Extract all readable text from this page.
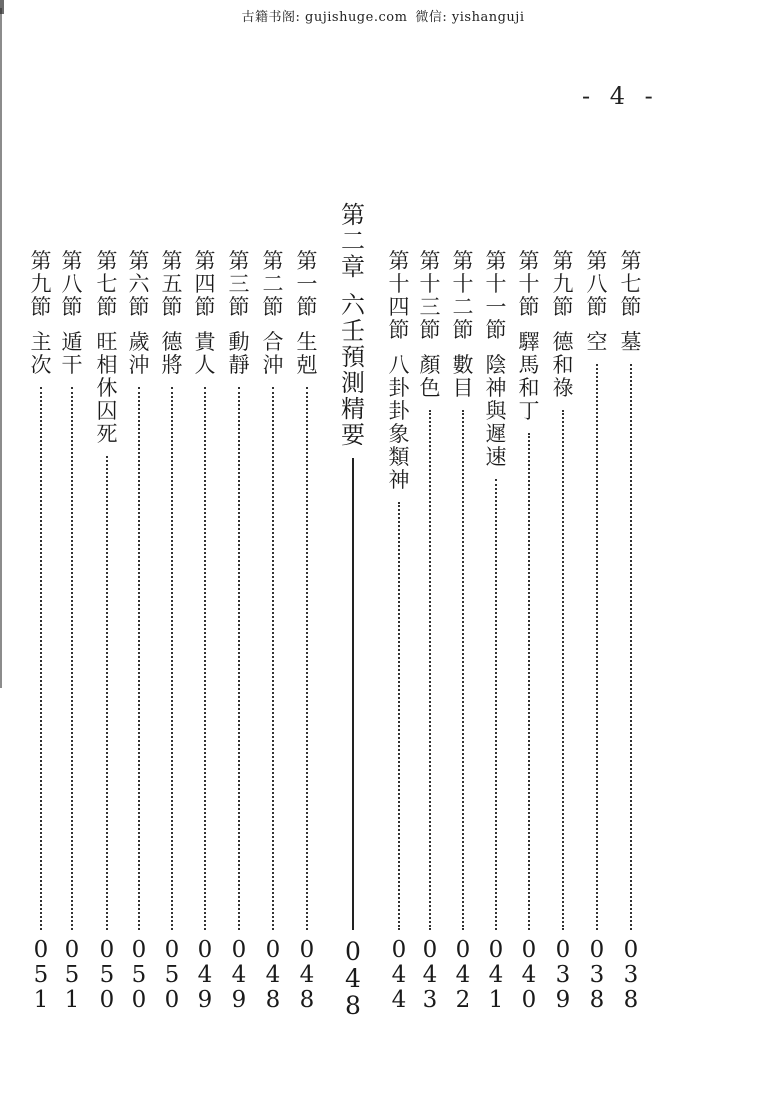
古籍书阁: gujishuge.com 微信: yishanguji
- 4 -
第
七
節
墓
0
3
8
第
八
節
空
0
3
8
第
九
節
德
和
祿
0
3
9
第
十
節
驛
馬
和
丁
0
4
0
第
十
一
節
陰
神
與
遲
速
0
4
1
第
十
二
節
數
目
0
4
2
第
十
三
節
顏
色
0
4
3
第
十
四
節
八
卦
卦
象
類
神
0
4
4
第
二
章
六
壬
預
測
精
要
0
4
8
第
一
節
生
剋
0
4
8
第
二
節
合
沖
0
4
8
第
三
節
動
靜
0
4
9
第
四
節
貴
人
0
4
9
第
五
節
德
將
0
5
0
第
六
節
歲
沖
0
5
0
第
七
節
旺
相
休
囚
死
0
5
0
第
八
節
遁
干
0
5
1
第
九
節
主
次
0
5
1
